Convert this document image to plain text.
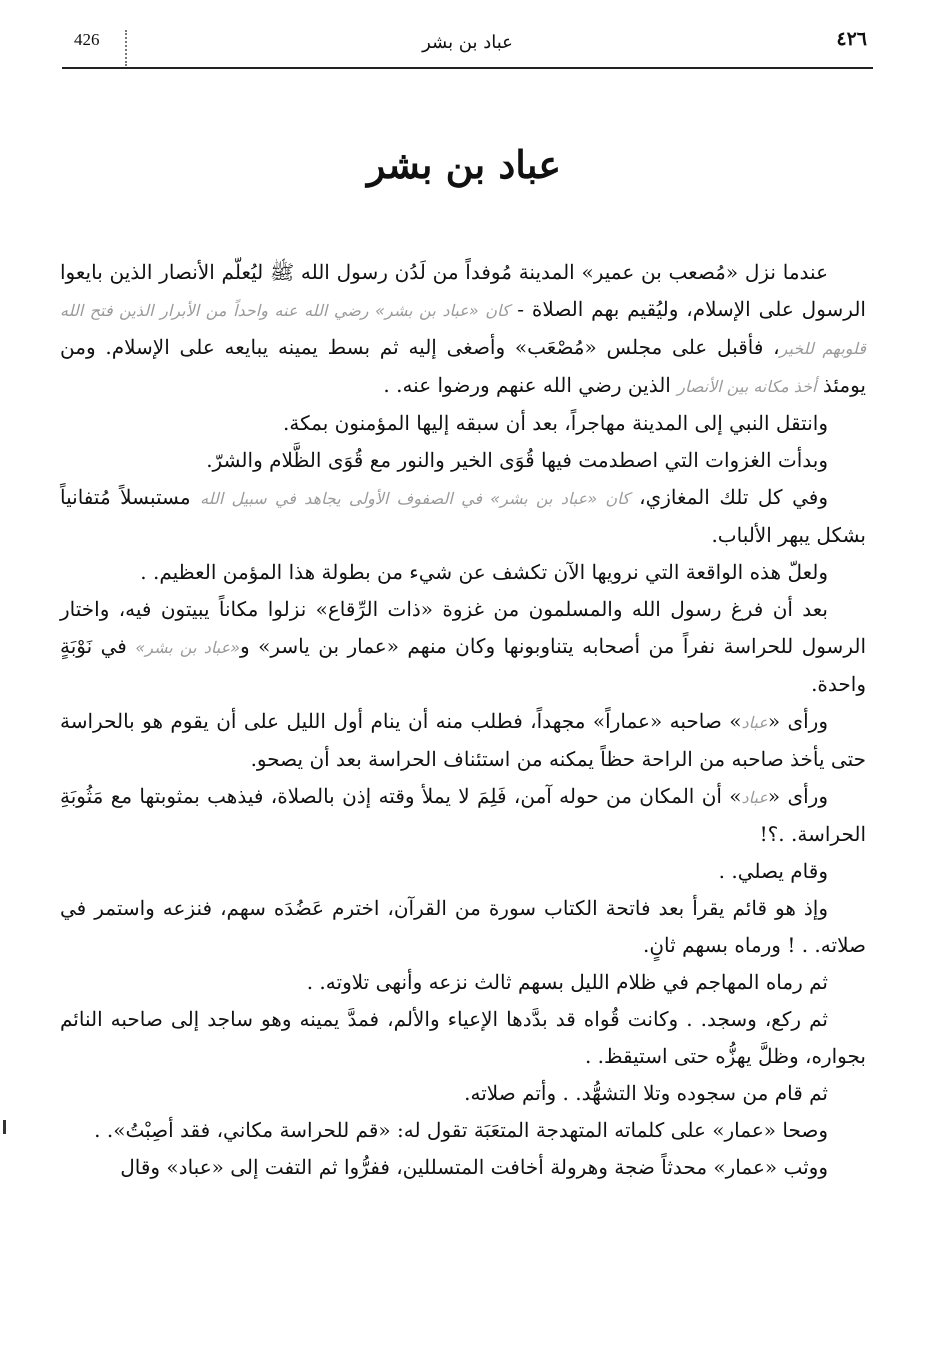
426	عباد بن بشر	٤٢٦
عباد بن بشر

عندما نزل «مُصعب بن عمير» المدينة مُوفداً من لَدُن رسول الله ﷺ ليُعلّم الأنصار الذين بايعوا الرسول على الإسلام، وليُقيم بهم الصلاة - كان «عباد بن بشر» رضي الله عنه واحداً من الأبرار الذين فتح الله قلوبهم للخير، فأقبل على مجلس «مُصْعَب» وأصغى إليه ثم بسط يمينه يبايعه على الإسلام. ومن يومئذ أخذ مكانه بين الأنصار الذين رضي الله عنهم ورضوا عنه. .

وانتقل النبي إلى المدينة مهاجراً، بعد أن سبقه إليها المؤمنون بمكة.

وبدأت الغزوات التي اصطدمت فيها قُوَى الخير والنور مع قُوَى الظَّلام والشرّ.

وفي كل تلك المغازي، كان «عباد بن بشر» في الصفوف الأولى يجاهد في سبيل الله مستبسلاً مُتفانياً بشكل يبهر الألباب.

ولعلّ هذه الواقعة التي نرويها الآن تكشف عن شيء من بطولة هذا المؤمن العظيم. .

بعد أن فرغ رسول الله والمسلمون من غزوة «ذات الرِّقاع» نزلوا مكاناً يبيتون فيه، واختار الرسول للحراسة نفراً من أصحابه يتناوبونها وكان منهم «عمار بن ياسر» و«عباد بن بشر» في نَوْبَةٍ واحدة.

ورأى «عباد» صاحبه «عماراً» مجهداً، فطلب منه أن ينام أول الليل على أن يقوم هو بالحراسة حتى يأخذ صاحبه من الراحة حظاً يمكنه من استئناف الحراسة بعد أن يصحو.

ورأى «عباد» أن المكان من حوله آمن، فَلِمَ لا يملأ وقته إذن بالصلاة، فيذهب بمثوبتها مع مَثُوبَةِ الحراسة. .؟!

وقام يصلي. .

وإذ هو قائم يقرأ بعد فاتحة الكتاب سورة من القرآن، اخترم عَضُدَه سهم، فنزعه واستمر في صلاته. . ! ورماه بسهم ثانٍ.

ثم رماه المهاجم في ظلام الليل بسهم ثالث نزعه وأنهى تلاوته. .

ثم ركع، وسجد. . وكانت قُواه قد بدَّدها الإعياء والألم، فمدَّ يمينه وهو ساجد إلى صاحبه النائم بجواره، وظلَّ يهزُّه حتى استيقظ. .

ثم قام من سجوده وتلا التشهُّد. . وأتم صلاته.

وصحا «عمار» على كلماته المتهدجة المتعَبَة تقول له: «قم للحراسة مكاني، فقد أصِبْتُ». .

ووثب «عمار» محدثاً ضجة وهرولة أخافت المتسللين، ففرُّوا ثم التفت إلى «عباد» وقال
